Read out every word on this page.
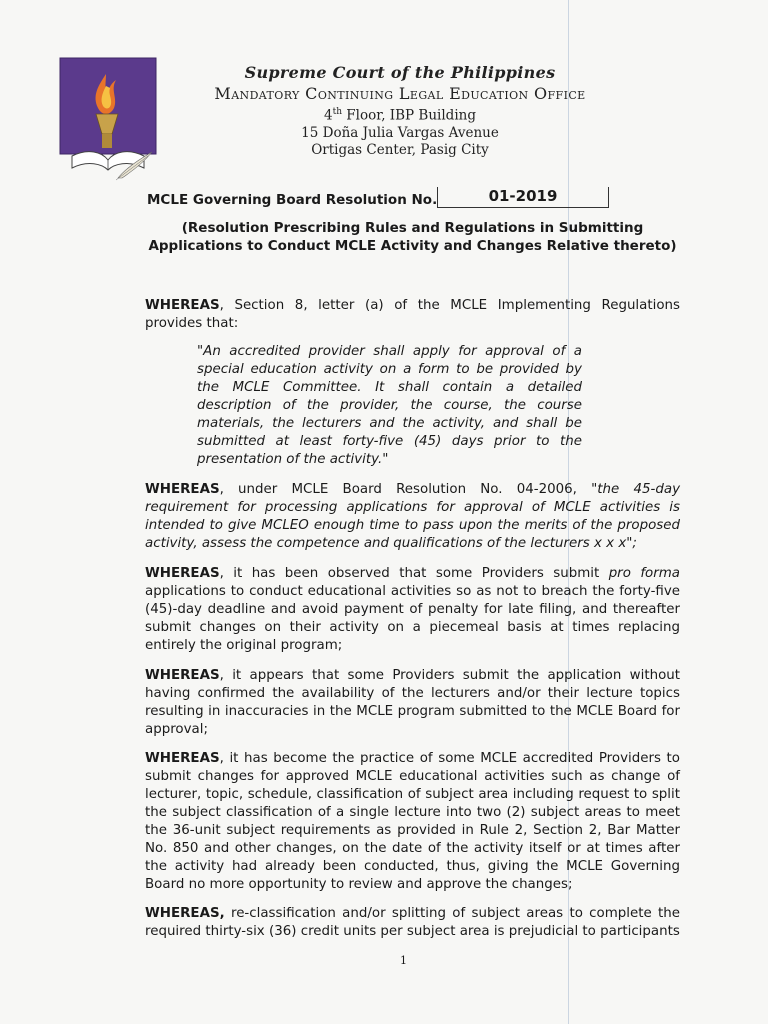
Supreme Court of the Philippines
Mandatory Continuing Legal Education Office
4th Floor, IBP Building
15 Doña Julia Vargas Avenue
Ortigas Center, Pasig City
MCLE Governing Board Resolution No.	01-2019
(Resolution Prescribing Rules and Regulations in Submitting Applications to Conduct MCLE Activity and Changes Relative thereto)
WHEREAS, Section 8, letter (a) of the MCLE Implementing Regulations provides that:
"An accredited provider shall apply for approval of a special education activity on a form to be provided by the MCLE Committee. It shall contain a detailed description of the provider, the course, the course materials, the lecturers and the activity, and shall be submitted at least forty-five (45) days prior to the presentation of the activity."
WHEREAS, under MCLE Board Resolution No. 04-2006, "the 45-day requirement for processing applications for approval of MCLE activities is intended to give MCLEO enough time to pass upon the merits of the proposed activity, assess the competence and qualifications of the lecturers x x x";
WHEREAS, it has been observed that some Providers submit pro forma applications to conduct educational activities so as not to breach the forty-five (45)-day deadline and avoid payment of penalty for late filing, and thereafter submit changes on their activity on a piecemeal basis at times replacing entirely the original program;
WHEREAS, it appears that some Providers submit the application without having confirmed the availability of the lecturers and/or their lecture topics resulting in inaccuracies in the MCLE program submitted to the MCLE Board for approval;
WHEREAS, it has become the practice of some MCLE accredited Providers to submit changes for approved MCLE educational activities such as change of lecturer, topic, schedule, classification of subject area including request to split the subject classification of a single lecture into two (2) subject areas to meet the 36-unit subject requirements as provided in Rule 2, Section 2, Bar Matter No. 850 and other changes, on the date of the activity itself or at times after the activity had already been conducted, thus, giving the MCLE Governing Board no more opportunity to review and approve the changes;
WHEREAS, re-classification and/or splitting of subject areas to complete the required thirty-six (36) credit units per subject area is prejudicial to participants
1
